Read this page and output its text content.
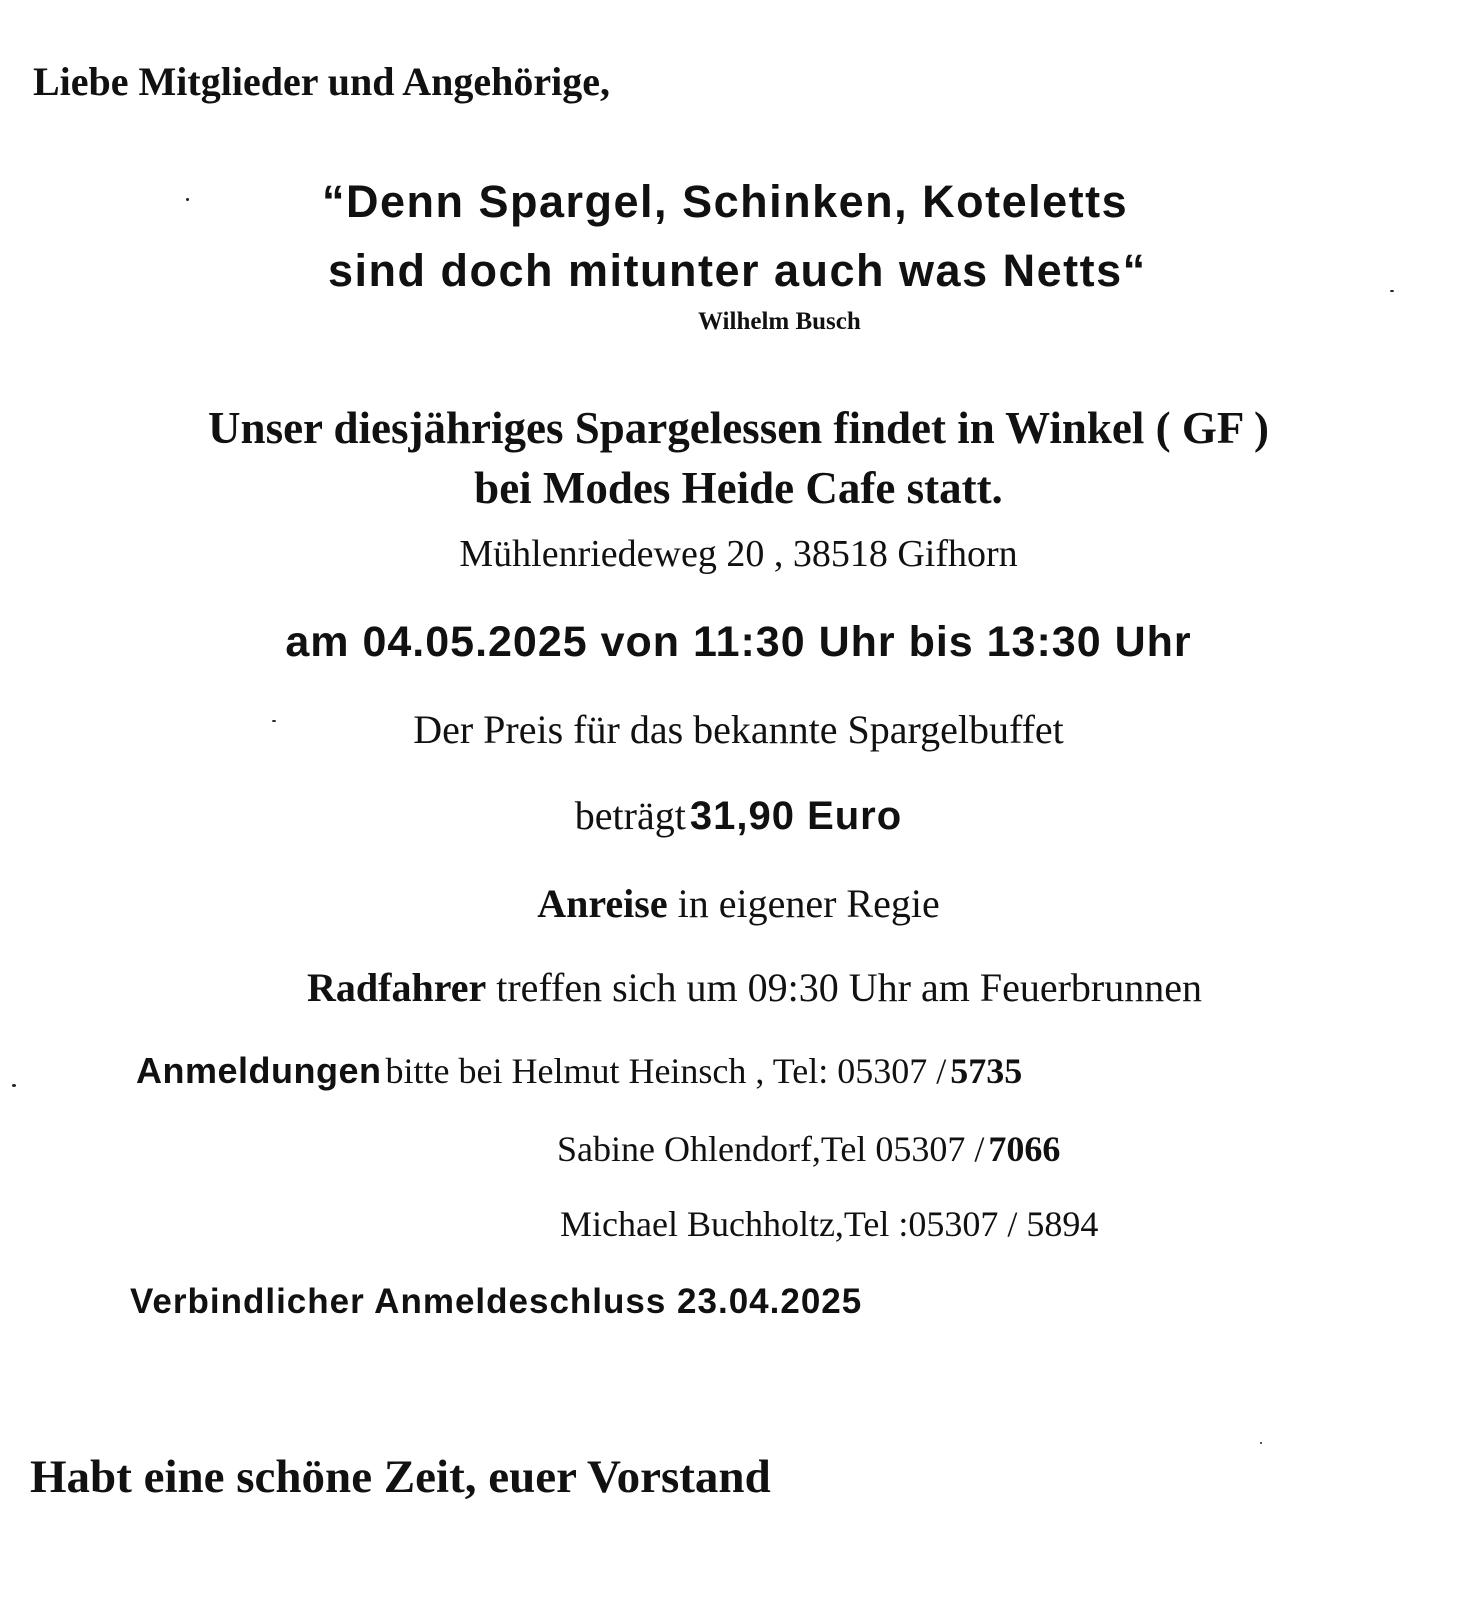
Liebe Mitglieder und Angehörige,
“Denn Spargel, Schinken, Koteletts
sind doch mitunter auch was Netts“
Wilhelm Busch
Unser diesjähriges Spargelessen findet in Winkel ( GF )
bei Modes Heide Cafe statt.
Mühlenriedeweg 20 , 38518 Gifhorn
am 04.05.2025 von 11:30 Uhr bis 13:30 Uhr
Der Preis für das bekannte Spargelbuffet
beträgt 31,90 Euro
Anreise in eigener Regie
Radfahrer treffen sich um 09:30 Uhr am Feuerbrunnen
Anmeldungen bitte bei Helmut Heinsch , Tel: 05307 / 5735
Sabine Ohlendorf,Tel 05307 / 7066
Michael Buchholtz,Tel :05307 / 5894
Verbindlicher Anmeldeschluss 23.04.2025
Habt eine schöne Zeit, euer Vorstand
